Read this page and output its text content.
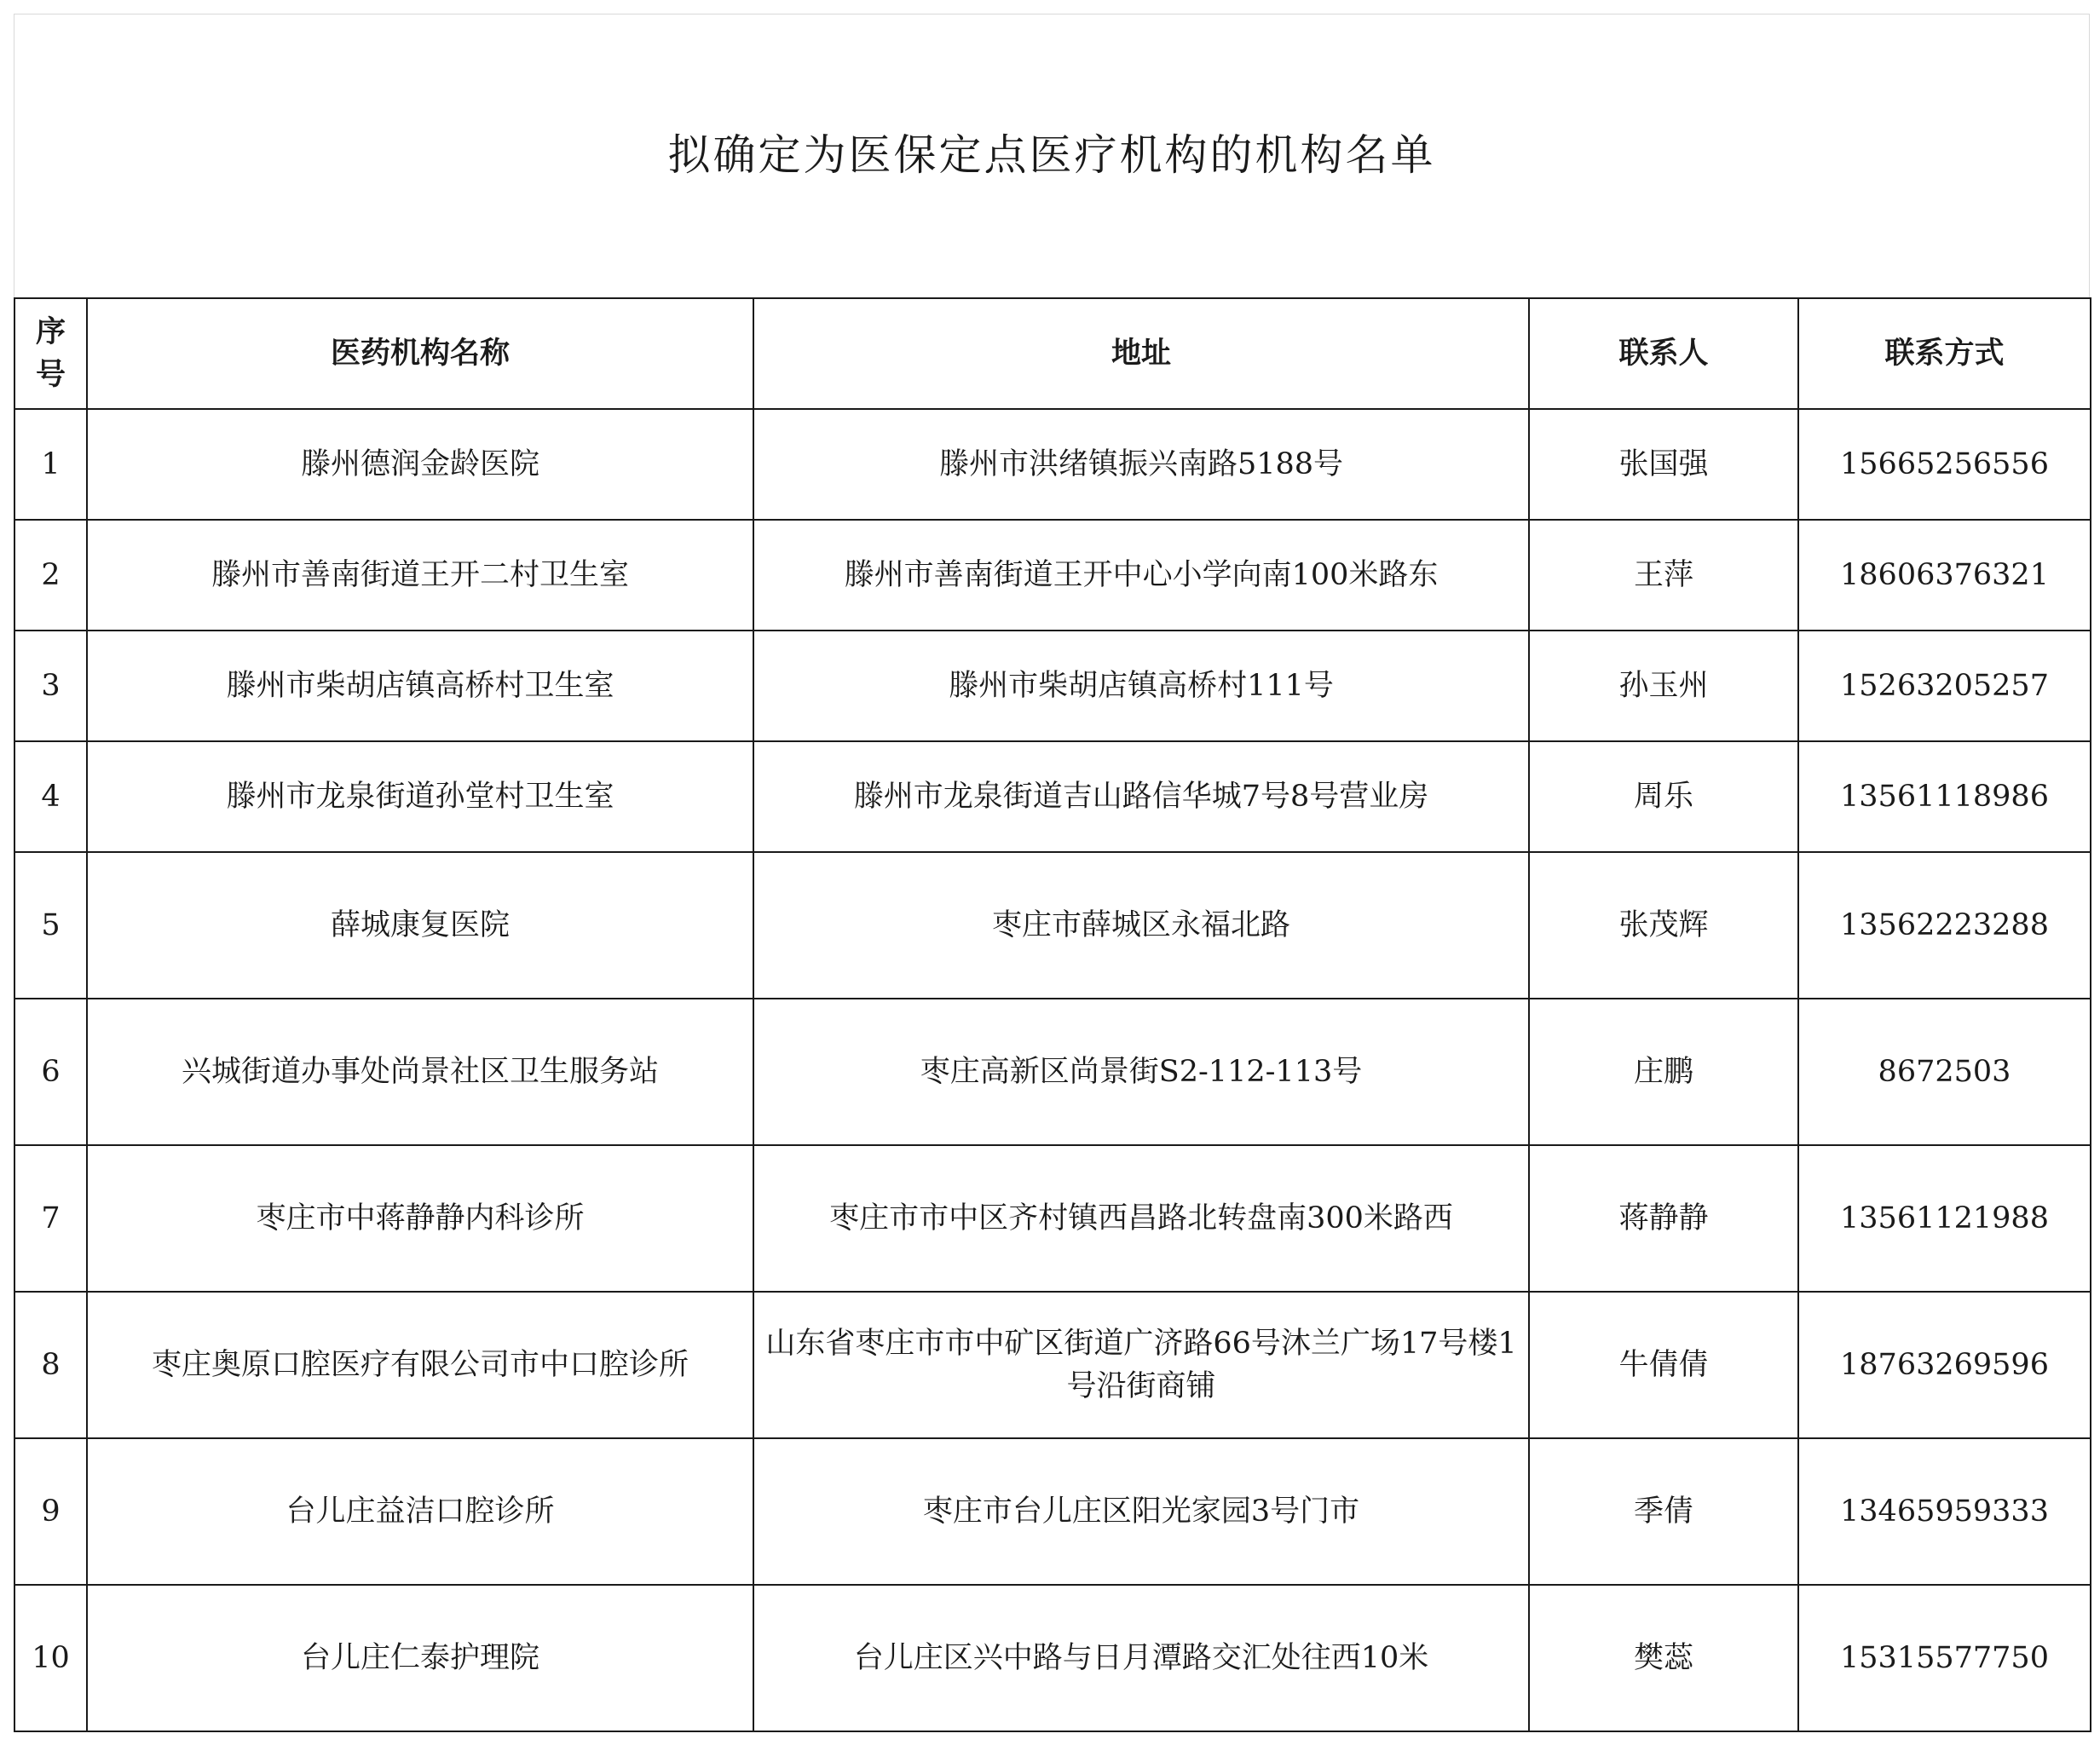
拟确定为医保定点医疗机构的机构名单
序号	医药机构名称	地址	联系人	联系方式
1	滕州德润金龄医院	滕州市洪绪镇振兴南路5188号	张国强	15665256556
2	滕州市善南街道王开二村卫生室	滕州市善南街道王开中心小学向南100米路东	王萍	18606376321
3	滕州市柴胡店镇高桥村卫生室	滕州市柴胡店镇高桥村111号	孙玉州	15263205257
4	滕州市龙泉街道孙堂村卫生室	滕州市龙泉街道吉山路信华城7号8号营业房	周乐	13561118986
5	薛城康复医院	枣庄市薛城区永福北路	张茂辉	13562223288
6	兴城街道办事处尚景社区卫生服务站	枣庄高新区尚景街S2-112-113号	庄鹏	8672503
7	枣庄市中蒋静静内科诊所	枣庄市市中区齐村镇西昌路北转盘南300米路西	蒋静静	13561121988
8	枣庄奥原口腔医疗有限公司市中口腔诊所	山东省枣庄市市中矿区街道广济路66号沐兰广场17号楼1号沿街商铺	牛倩倩	18763269596
9	台儿庄益洁口腔诊所	枣庄市台儿庄区阳光家园3号门市	季倩	13465959333
10	台儿庄仁泰护理院	台儿庄区兴中路与日月潭路交汇处往西10米	樊蕊	15315577750
